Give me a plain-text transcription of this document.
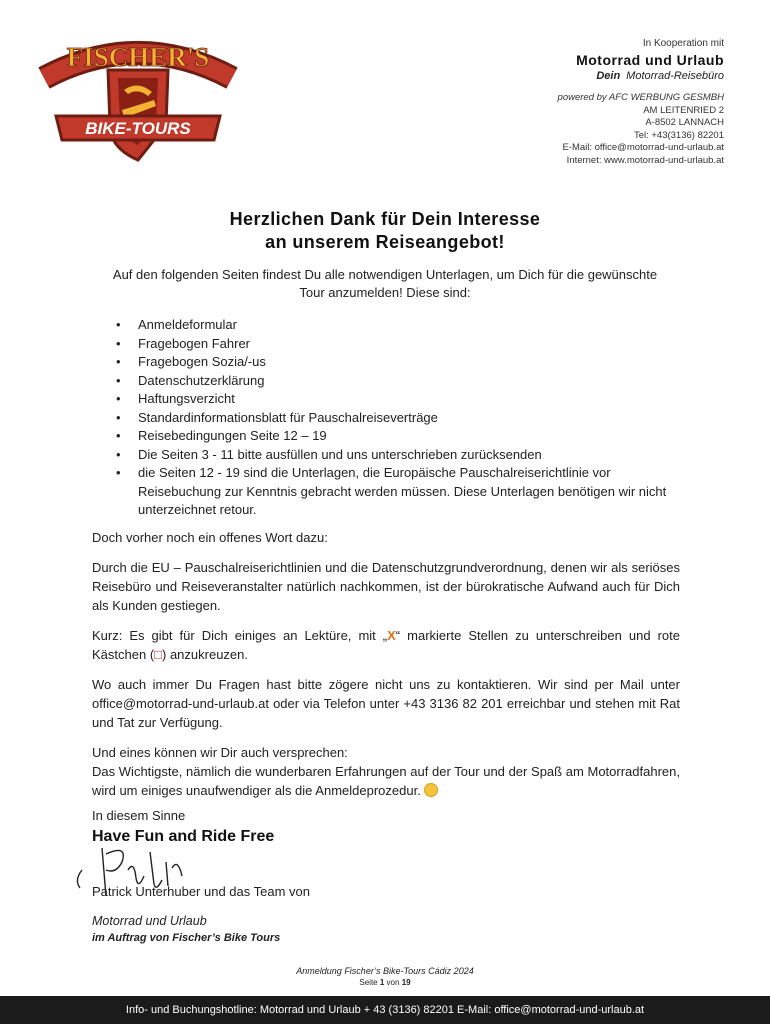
FISCHER'S
BIKE-TOURS
In Kooperation mit
Motorrad und Urlaub
Dein Motorrad-Reisebüro
powered by AFC WERBUNG GESMBH
AM LEITENRIED 2
A-8502 LANNACH
Tel: +43(3136) 82201
E-Mail: office@motorrad-und-urlaub.at
Internet: www.motorrad-und-urlaub.at
Herzlichen Dank für Dein Interesse
an unserem Reiseangebot!
Auf den folgenden Seiten findest Du alle notwendigen Unterlagen, um Dich für die gewünschte Tour anzumelden! Diese sind:
• Anmeldeformular
• Fragebogen Fahrer
• Fragebogen Sozia/-us
• Datenschutzerklärung
• Haftungsverzicht
• Standardinformationsblatt für Pauschalreiseverträge
• Reisebedingungen Seite 12 – 19
• Die Seiten 3 - 11 bitte ausfüllen und uns unterschrieben zurücksenden
• die Seiten 12 - 19 sind die Unterlagen, die Europäische Pauschalreiserichtlinie vor Reisebuchung zur Kenntnis gebracht werden müssen. Diese Unterlagen benötigen wir nicht unterzeichnet retour.

Doch vorher noch ein offenes Wort dazu:

Durch die EU – Pauschalreiserichtlinien und die Datenschutzgrundverordnung, denen wir als seriöses Reisebüro und Reiseveranstalter natürlich nachkommen, ist der bürokratische Aufwand auch für Dich als Kunden gestiegen.

Kurz: Es gibt für Dich einiges an Lektüre, mit „X“ markierte Stellen zu unterschreiben und rote Kästchen (□) anzukreuzen.

Wo auch immer Du Fragen hast bitte zögere nicht uns zu kontaktieren. Wir sind per Mail unter office@motorrad-und-urlaub.at oder via Telefon unter +43 3136 82 201 erreichbar und stehen mit Rat und Tat zur Verfügung.

Und eines können wir Dir auch versprechen:
Das Wichtigste, nämlich die wunderbaren Erfahrungen auf der Tour und der Spaß am Motorradfahren, wird um einiges unaufwendiger als die Anmeldeprozedur.

In diesem Sinne
Have Fun and Ride Free
Patrick Unterhuber und das Team von
Motorrad und Urlaub
im Auftrag von Fischer’s Bike Tours
Anmeldung Fischer’s Bike-Tours Cádiz 2024
Seite 1 von 19
Info- und Buchungshotline: Motorrad und Urlaub + 43 (3136) 82201 E-Mail: office@motorrad-und-urlaub.at
